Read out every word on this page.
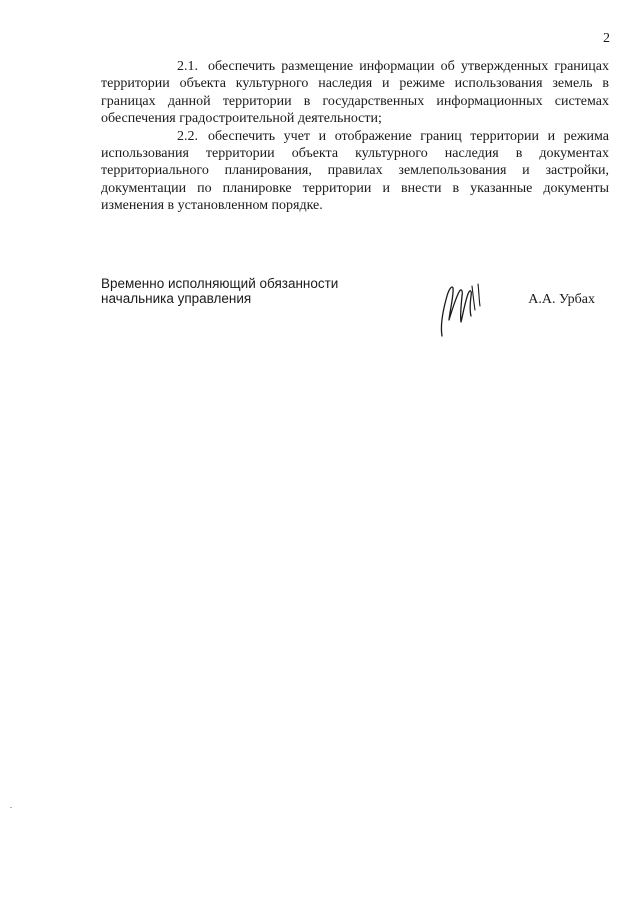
2

2.1. обеспечить размещение информации об утвержденных границах территории объекта культурного наследия и режиме использования земель в границах данной территории в государственных информационных системах обеспечения градостроительной деятельности;

2.2. обеспечить учет и отображение границ территории и режима использования территории объекта культурного наследия в документах территориального планирования, правилах землепользования и застройки, документации по планировке территории и внести в указанные документы изменения в установленном порядке.

Временно исполняющий обязанности
начальника управления	А.А. Урбах
